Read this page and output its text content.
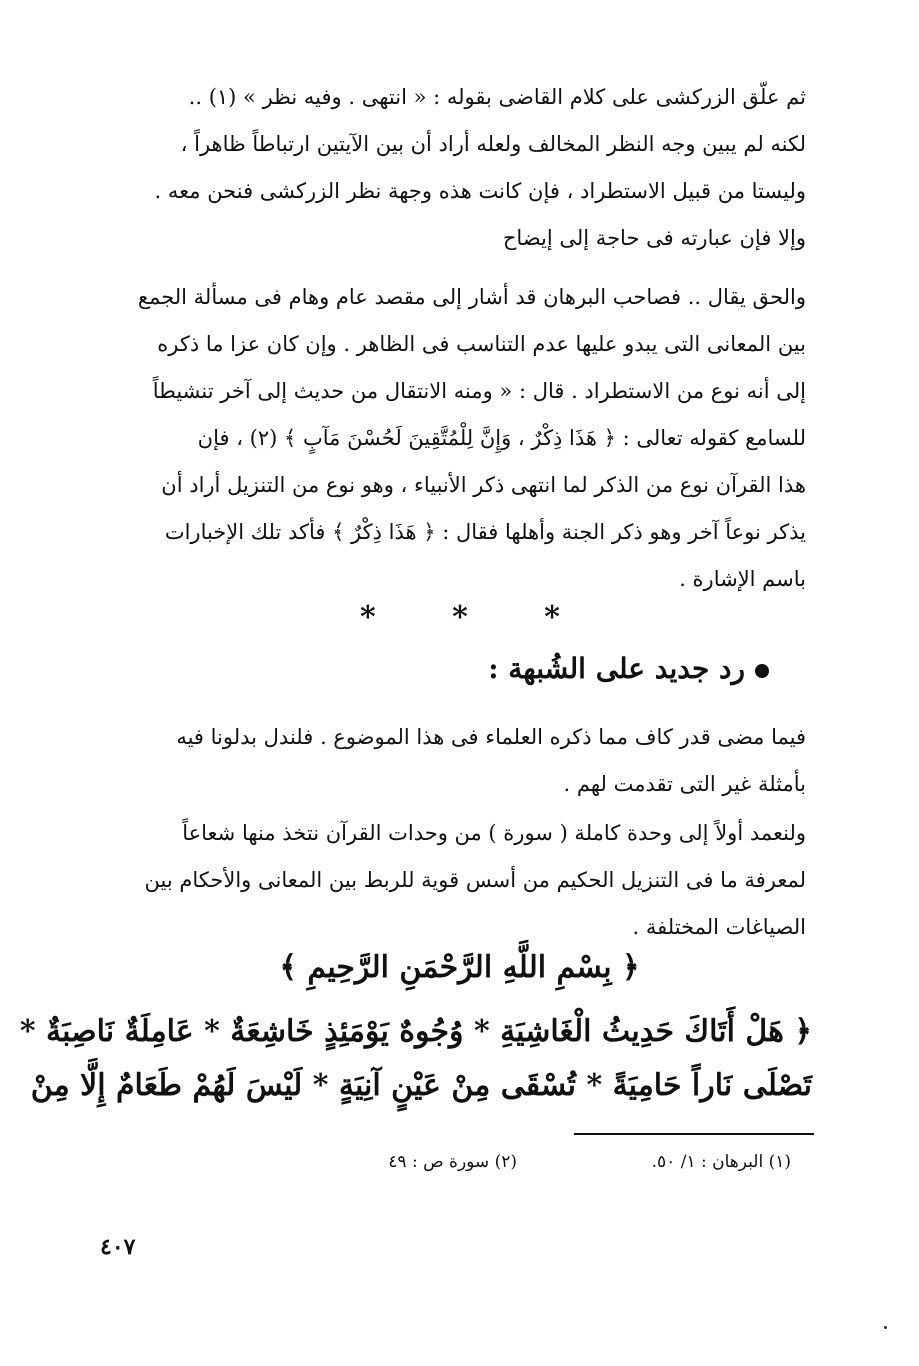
ثم علّق الزركشى على كلام القاضى بقوله : « انتهى . وفيه نظر » (١) ..
لكنه لم يبين وجه النظر المخالف ولعله أراد أن بين الآيتين ارتباطاً ظاهراً ،
وليستا من قبيل الاستطراد ، فإن كانت هذه وجهة نظر الزركشى فنحن معه .
وإلا فإن عبارته فى حاجة إلى إيضاح
والحق يقال .. فصاحب البرهان قد أشار إلى مقصد عام وهام فى مسألة الجمع
بين المعانى التى يبدو عليها عدم التناسب فى الظاهر . وإن كان عزا ما ذكره
إلى أنه نوع من الاستطراد . قال : « ومنه الانتقال من حديث إلى آخر تنشيطاً
للسامع كقوله تعالى : ﴿ هَذَا ذِكْرٌ ، وَإِنَّ لِلْمُتَّقِينَ لَحُسْنَ مَآبٍ ﴾ (٢) ، فإن
هذا القرآن نوع من الذكر لما انتهى ذكر الأنبياء ، وهو نوع من التنزيل أراد أن
يذكر نوعاً آخر وهو ذكر الجنة وأهلها فقال : ﴿ هَذَا ذِكْرٌ ﴾ فأكد تلك الإخبارات
باسم الإشارة .
*	*	*
رد جديد على الشُبهة :
فيما مضى قدر كاف مما ذكره العلماء فى هذا الموضوع . فلندل بدلونا فيه
بأمثلة غير التى تقدمت لهم .
ولنعمد أولاً إلى وحدة كاملة ( سورة ) من وحدات القرآن نتخذ منها شعاعاً
لمعرفة ما فى التنزيل الحكيم من أسس قوية للربط بين المعانى والأحكام بين
الصياغات المختلفة .
﴿ بِسْمِ اللَّهِ الرَّحْمَنِ الرَّحِيمِ ﴾
﴿ هَلْ أَتَاكَ حَدِيثُ الْغَاشِيَةِ * وُجُوهٌ يَوْمَئِذٍ خَاشِعَةٌ * عَامِلَةٌ نَاصِبَةٌ *
تَصْلَى نَاراً حَامِيَةً * تُسْقَى مِنْ عَيْنٍ آنِيَةٍ * لَيْسَ لَهُمْ طَعَامٌ إِلَّا مِنْ
(١) البرهان : ١/ ٥٠.
(٢) سورة ص : ٤٩
٤٠٧
